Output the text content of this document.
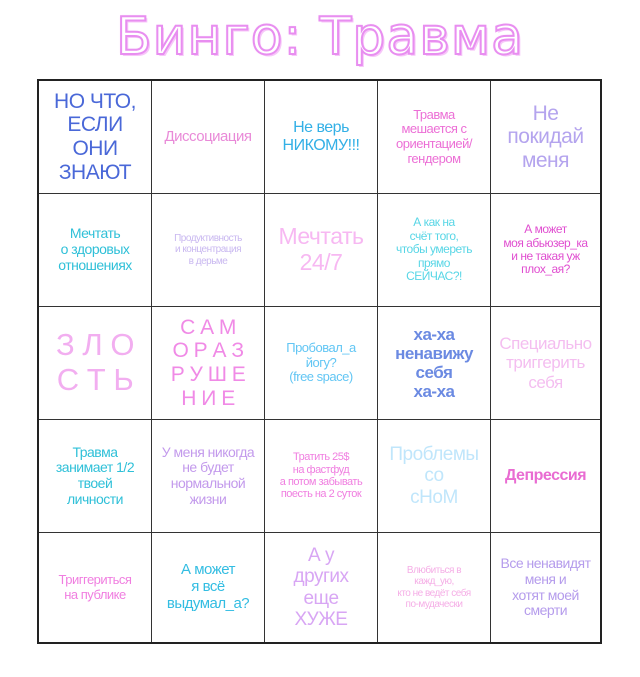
Бинго: Травма
НО ЧТО,
ЕСЛИ
ОНИ
ЗНАЮТ
Диссоциация	Не верь
НИКОМУ!!!
Травма
мешается с
ориентацией/
гендером
Не
покидай
меня
Мечтать
о здоровых
отношениях
Продуктивность
и концентрация
в дерьме
Мечтать
24/7
А как на
счёт того,
чтобы умереть
прямо
СЕЙЧАС?!
А может
моя абьюзер_ка
и не такая уж
плох_ая?
З Л О
С Т Ь
С А М
О Р А З
Р У Ш Е
Н И Е
Пробовал_а
йогу?
(free space)
ха-ха
ненавижу
себя
ха-ха
Специально
триггерить
себя
Травма
занимает 1/2
твоей
личности
У меня никогда
не будет
нормальной
жизни
Тратить 25$
на фастфуд
а потом забывать
поесть на 2 суток
Проблемы
со
сНоМ
Депрессия
Триггериться
на публике
А может
я всё
выдумал_а?
А у
других
еще
ХУЖЕ
Влюбиться в
кажд_ую,
кто не ведёт себя
по-мудачески
Все ненавидят
меня и
хотят моей
смерти
